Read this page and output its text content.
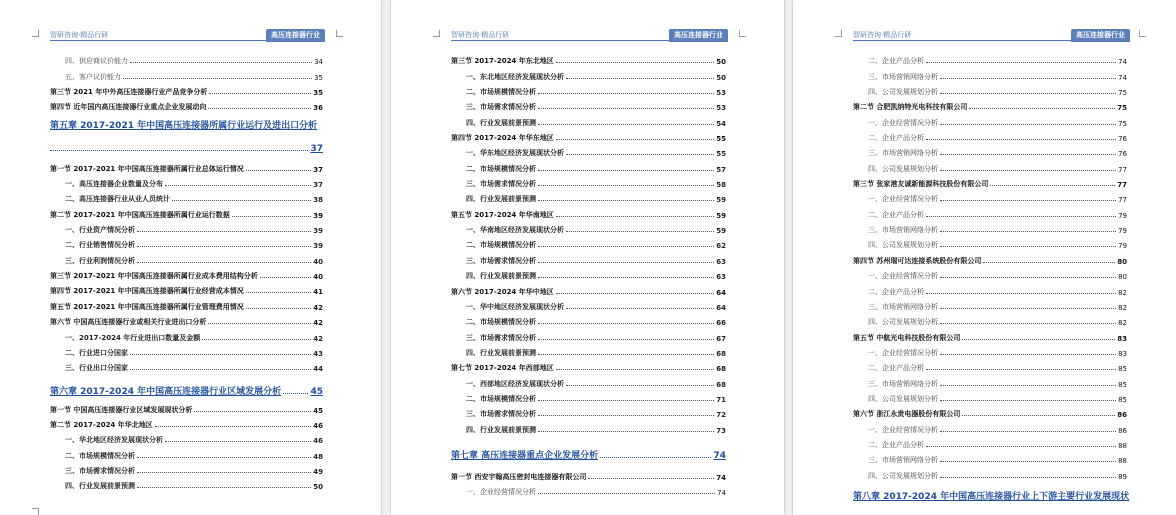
智研咨询·精品行研	高压连接器行业
四、供应商议价能力	34
五、客户议价能力	35
第三节 2021 年中外高压连接器行业产品竞争分析	35
第四节 近年国内高压连接器行业重点企业发展动向	36
第五章 2017-2021 年中国高压连接器所属行业运行及进出口分析
37
第一节 2017-2021 年中国高压连接器所属行业总体运行情况	37
一、高压连接器企业数量及分布	37
二、高压连接器行业从业人员统计	38
第二节 2017-2021 年中国高压连接器所属行业运行数据	39
一、行业资产情况分析	39
二、行业销售情况分析	39
三、行业利润情况分析	40
第三节 2017-2021 年中国高压连接器所属行业成本费用结构分析	40
第四节 2017-2021 年中国高压连接器所属行业经营成本情况	41
第五节 2017-2021 年中国高压连接器所属行业管理费用情况	42
第六节 中国高压连接器行业或相关行业进出口分析	42
一、2017-2024 年行业进出口数量及金额	42
二、行业进口分国家	43
三、行业出口分国家	44
第六章 2017-2024 年中国高压连接器行业区域发展分析	45
第一节 中国高压连接器行业区域发展现状分析	45
第二节 2017-2024 年华北地区	46
一、华北地区经济发展现状分析	46
二、市场规模情况分析	48
三、市场需求情况分析	49
四、行业发展前景预测	50
智研咨询·精品行研	高压连接器行业
第三节 2017-2024 年东北地区	50
一、东北地区经济发展现状分析	50
二、市场规模情况分析	53
三、市场需求情况分析	53
四、行业发展前景预测	54
第四节 2017-2024 年华东地区	55
一、华东地区经济发展现状分析	55
二、市场规模情况分析	57
三、市场需求情况分析	58
四、行业发展前景预测	59
第五节 2017-2024 年华南地区	59
一、华南地区经济发展现状分析	59
二、市场规模情况分析	62
三、市场需求情况分析	63
四、行业发展前景预测	63
第六节 2017-2024 年华中地区	64
一、华中地区经济发展现状分析	64
二、市场规模情况分析	66
三、市场需求情况分析	67
四、行业发展前景预测	68
第七节 2017-2024 年西部地区	68
一、西部地区经济发展现状分析	68
二、市场规模情况分析	71
三、市场需求情况分析	72
四、行业发展前景预测	73
第七章 高压连接器重点企业发展分析	74
第一节 西安宇翰高压密封电连接器有限公司	74
一、企业经营情况分析	74
智研咨询·精品行研	高压连接器行业
二、企业产品分析	74
三、市场营销网络分析	74
四、公司发展规划分析	75
第二节 合肥凯纳特光电科技有限公司	75
一、企业经营情况分析	75
二、企业产品分析	76
三、市场营销网络分析	76
四、公司发展规划分析	77
第三节 张家港友诚新能源科技股份有限公司	77
一、企业经营情况分析	77
二、企业产品分析	79
三、市场营销网络分析	79
四、公司发展规划分析	79
第四节 苏州瑞可达连接系统股份有限公司	80
一、企业经营情况分析	80
二、企业产品分析	82
三、市场营销网络分析	82
四、公司发展规划分析	82
第五节 中航光电科技股份有限公司	83
一、企业经营情况分析	83
二、企业产品分析	85
三、市场营销网络分析	85
四、公司发展规划分析	85
第六节 浙江永贵电器股份有限公司	86
一、企业经营情况分析	86
二、企业产品分析	88
三、市场营销网络分析	88
四、公司发展规划分析	89
第八章 2017-2024 年中国高压连接器行业上下游主要行业发展现状
